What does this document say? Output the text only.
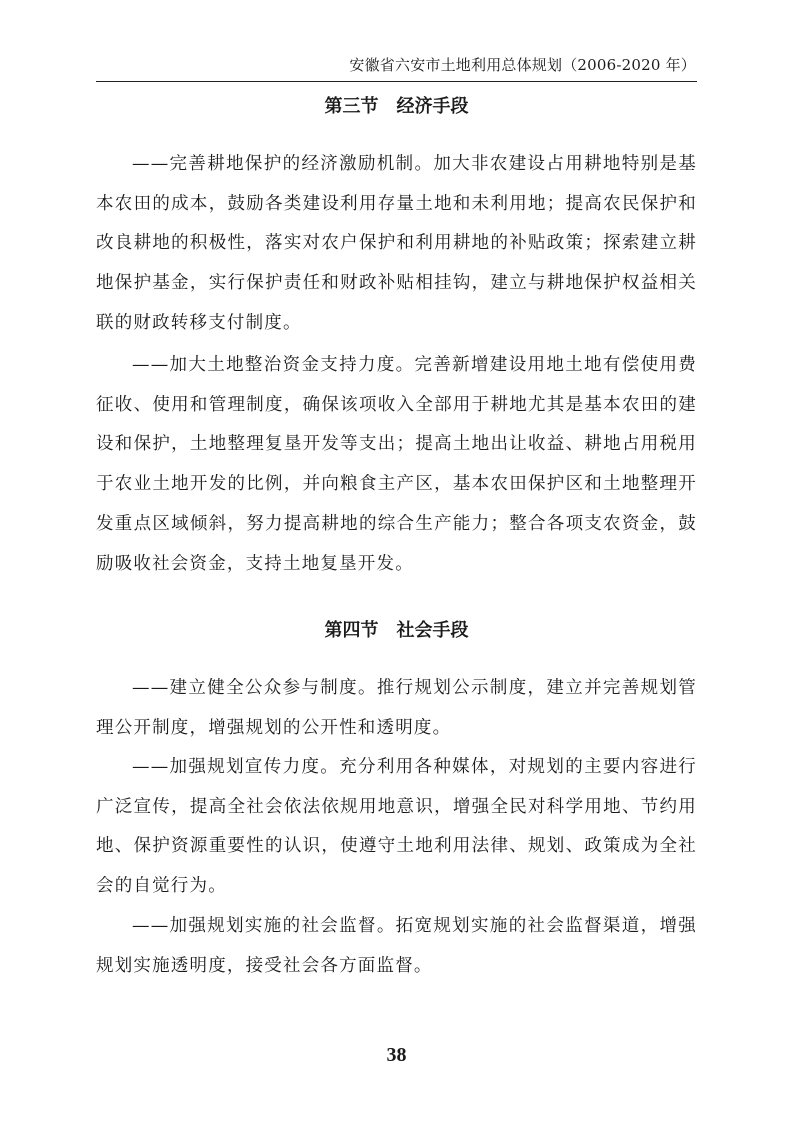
安徽省六安市土地利用总体规划（2006-2020 年）
第三节　经济手段

——完善耕地保护的经济激励机制。加大非农建设占用耕地特别是基本农田的成本，鼓励各类建设利用存量土地和未利用地；提高农民保护和改良耕地的积极性，落实对农户保护和利用耕地的补贴政策；探索建立耕地保护基金，实行保护责任和财政补贴相挂钩，建立与耕地保护权益相关联的财政转移支付制度。

——加大土地整治资金支持力度。完善新增建设用地土地有偿使用费征收、使用和管理制度，确保该项收入全部用于耕地尤其是基本农田的建设和保护，土地整理复垦开发等支出；提高土地出让收益、耕地占用税用于农业土地开发的比例，并向粮食主产区，基本农田保护区和土地整理开发重点区域倾斜，努力提高耕地的综合生产能力；整合各项支农资金，鼓励吸收社会资金，支持土地复垦开发。

第四节　社会手段

——建立健全公众参与制度。推行规划公示制度，建立并完善规划管理公开制度，增强规划的公开性和透明度。

——加强规划宣传力度。充分利用各种媒体，对规划的主要内容进行广泛宣传，提高全社会依法依规用地意识，增强全民对科学用地、节约用地、保护资源重要性的认识，使遵守土地利用法律、规划、政策成为全社会的自觉行为。

——加强规划实施的社会监督。拓宽规划实施的社会监督渠道，增强规划实施透明度，接受社会各方面监督。

38
